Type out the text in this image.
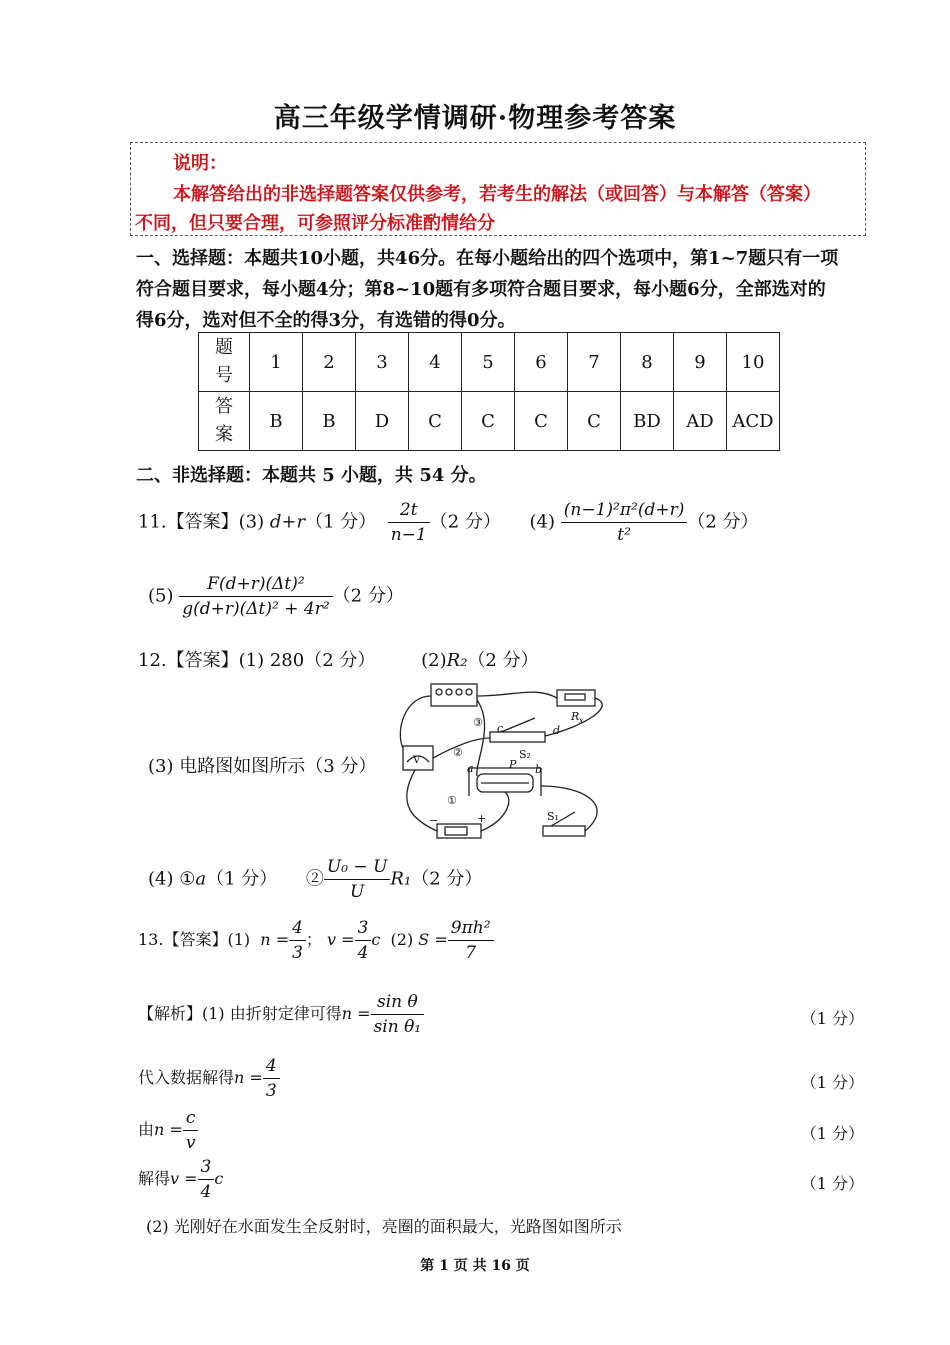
高三年级学情调研·物理参考答案
说明：
本解答给出的非选择题答案仅供参考，若考生的解法（或回答）与本解答（答案）
不同，但只要合理，可参照评分标准酌情给分
一、选择题：本题共10小题，共46分。在每小题给出的四个选项中，第1~7题只有一项
符合题目要求，每小题4分；第8~10题有多项符合题目要求，每小题6分，全部选对的
得6分，选对但不全的得3分，有选错的得0分。
题
号	1	2	3	4	5	6	7	8	9	10
答
案	B	B	D	C	C	C	C	BD	AD	ACD
二、非选择题：本题共 5 小题，共 54 分。
11.【答案】(3) d+r（1 分） $\frac{2t}{n-1} (2$ 分） $(4) \frac{\text{(n−1)²π²(d+r)}}{\text{t²}} (2$ 分）
$(5) \frac{\text{F(d+r)(Δt)²}}{\text{g(d+r)(Δt)² + 4r²}} (2$ 分）
12.【答案】(1) 280（2 分）	(2)R₂（2 分）
(3) 电路图如图所示（3 分）
③
②
①
R x
V
a	b
c	d
P
S₂
S₁
−	+
(4) ①a（1 分） ② $\frac{\text{U₀ − U}}{U} R_1(2$ 分）
13.【答案】(1) $n = \frac{4}{3}$ ； $v = \frac{3}{4}$ c (2) $S = \frac{\text{9πh²}}{7}$
【解析】(1) 由折射定律可得$n = \frac{\text{sin θ}}{\text{sin θ₁}}$	（1 分）
代入数据解得$n = \frac{4}{3}$	（1 分）
由$n = \frac{c}{v}$	（1 分）
解得$v = \frac{3}{4}$ c	（1 分）
(2) 光刚好在水面发生全反射时，亮圈的面积最大，光路图如图所示
第 1 页 共 16 页
